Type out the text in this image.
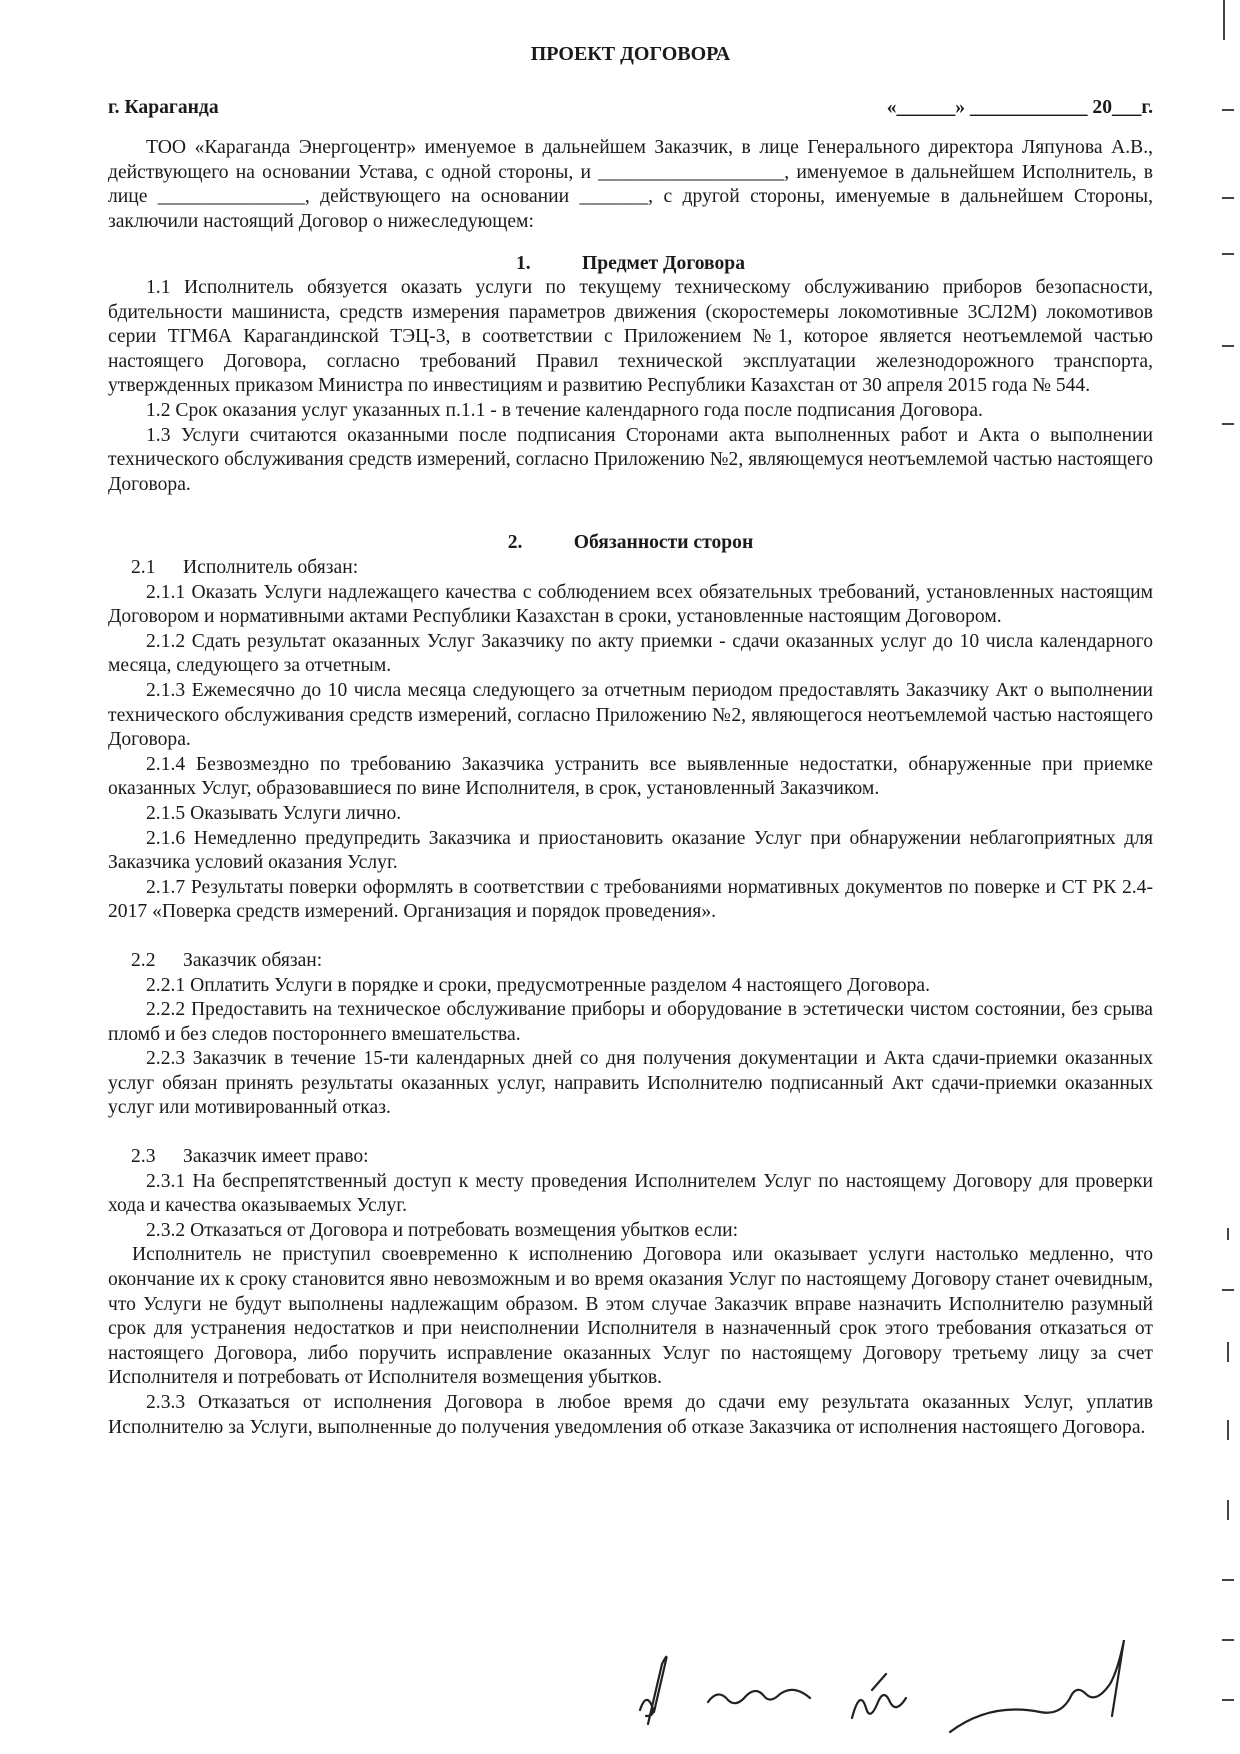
ПРОЕКТ ДОГОВОРА
г. Караганда	«______» ____________ 20___г.

ТОО «Караганда Энергоцентр» именуемое в дальнейшем Заказчик, в лице Генерального директора Ляпунова А.В., действующего на основании Устава, с одной стороны, и ___________________, именуемое в дальнейшем Исполнитель, в лице _______________, действующего на основании _______, с другой стороны, именуемые в дальнейшем Стороны, заключили настоящий Договор о нижеследующем:

1.	Предмет Договора

1.1 Исполнитель обязуется оказать услуги по текущему техническому обслуживанию приборов безопасности, бдительности машиниста, средств измерения параметров движения (скоростемеры локомотивные 3СЛ2М) локомотивов серии ТГМ6А Карагандинской ТЭЦ-3, в соответствии с Приложением №1, которое является неотъемлемой частью настоящего Договора, согласно требований Правил технической эксплуатации железнодорожного транспорта, утвержденных приказом Министра по инвестициям и развитию Республики Казахстан от 30 апреля 2015 года № 544.

1.2 Срок оказания услуг указанных п.1.1 - в течение календарного года после подписания Договора.

1.3 Услуги считаются оказанными после подписания Сторонами акта выполненных работ и Акта о выполнении технического обслуживания средств измерений, согласно Приложению №2, являющемуся неотъемлемой частью настоящего Договора.

2.	Обязанности сторон

2.1 Исполнитель обязан:

2.1.1 Оказать Услуги надлежащего качества с соблюдением всех обязательных требований, установленных настоящим Договором и нормативными актами Республики Казахстан в сроки, установленные настоящим Договором.

2.1.2 Сдать результат оказанных Услуг Заказчику по акту приемки - сдачи оказанных услуг до 10 числа календарного месяца, следующего за отчетным.

2.1.3 Ежемесячно до 10 числа месяца следующего за отчетным периодом предоставлять Заказчику Акт о выполнении технического обслуживания средств измерений, согласно Приложению №2, являющегося неотъемлемой частью настоящего Договора.

2.1.4 Безвозмездно по требованию Заказчика устранить все выявленные недостатки, обнаруженные при приемке оказанных Услуг, образовавшиеся по вине Исполнителя, в срок, установленный Заказчиком.

2.1.5 Оказывать Услуги лично.

2.1.6 Немедленно предупредить Заказчика и приостановить оказание Услуг при обнаружении неблагоприятных для Заказчика условий оказания Услуг.

2.1.7 Результаты поверки оформлять в соответствии с требованиями нормативных документов по поверке и СТ РК 2.4-2017 «Поверка средств измерений. Организация и порядок проведения».

2.2 Заказчик обязан:

2.2.1 Оплатить Услуги в порядке и сроки, предусмотренные разделом 4 настоящего Договора.

2.2.2 Предоставить на техническое обслуживание приборы и оборудование в эстетически чистом состоянии, без срыва пломб и без следов постороннего вмешательства.

2.2.3 Заказчик в течение 15-ти календарных дней со дня получения документации и Акта сдачи-приемки оказанных услуг обязан принять результаты оказанных услуг, направить Исполнителю подписанный Акт сдачи-приемки оказанных услуг или мотивированный отказ.

2.3 Заказчик имеет право:

2.3.1 На беспрепятственный доступ к месту проведения Исполнителем Услуг по настоящему Договору для проверки хода и качества оказываемых Услуг.

2.3.2 Отказаться от Договора и потребовать возмещения убытков если:

Исполнитель не приступил своевременно к исполнению Договора или оказывает услуги настолько медленно, что окончание их к сроку становится явно невозможным и во время оказания Услуг по настоящему Договору станет очевидным, что Услуги не будут выполнены надлежащим образом. В этом случае Заказчик вправе назначить Исполнителю разумный срок для устранения недостатков и при неисполнении Исполнителя в назначенный срок этого требования отказаться от настоящего Договора, либо поручить исправление оказанных Услуг по настоящему Договору третьему лицу за счет Исполнителя и потребовать от Исполнителя возмещения убытков.

2.3.3 Отказаться от исполнения Договора в любое время до сдачи ему результата оказанных Услуг, уплатив Исполнителю за Услуги, выполненные до получения уведомления об отказе Заказчика от исполнения настоящего Договора.
